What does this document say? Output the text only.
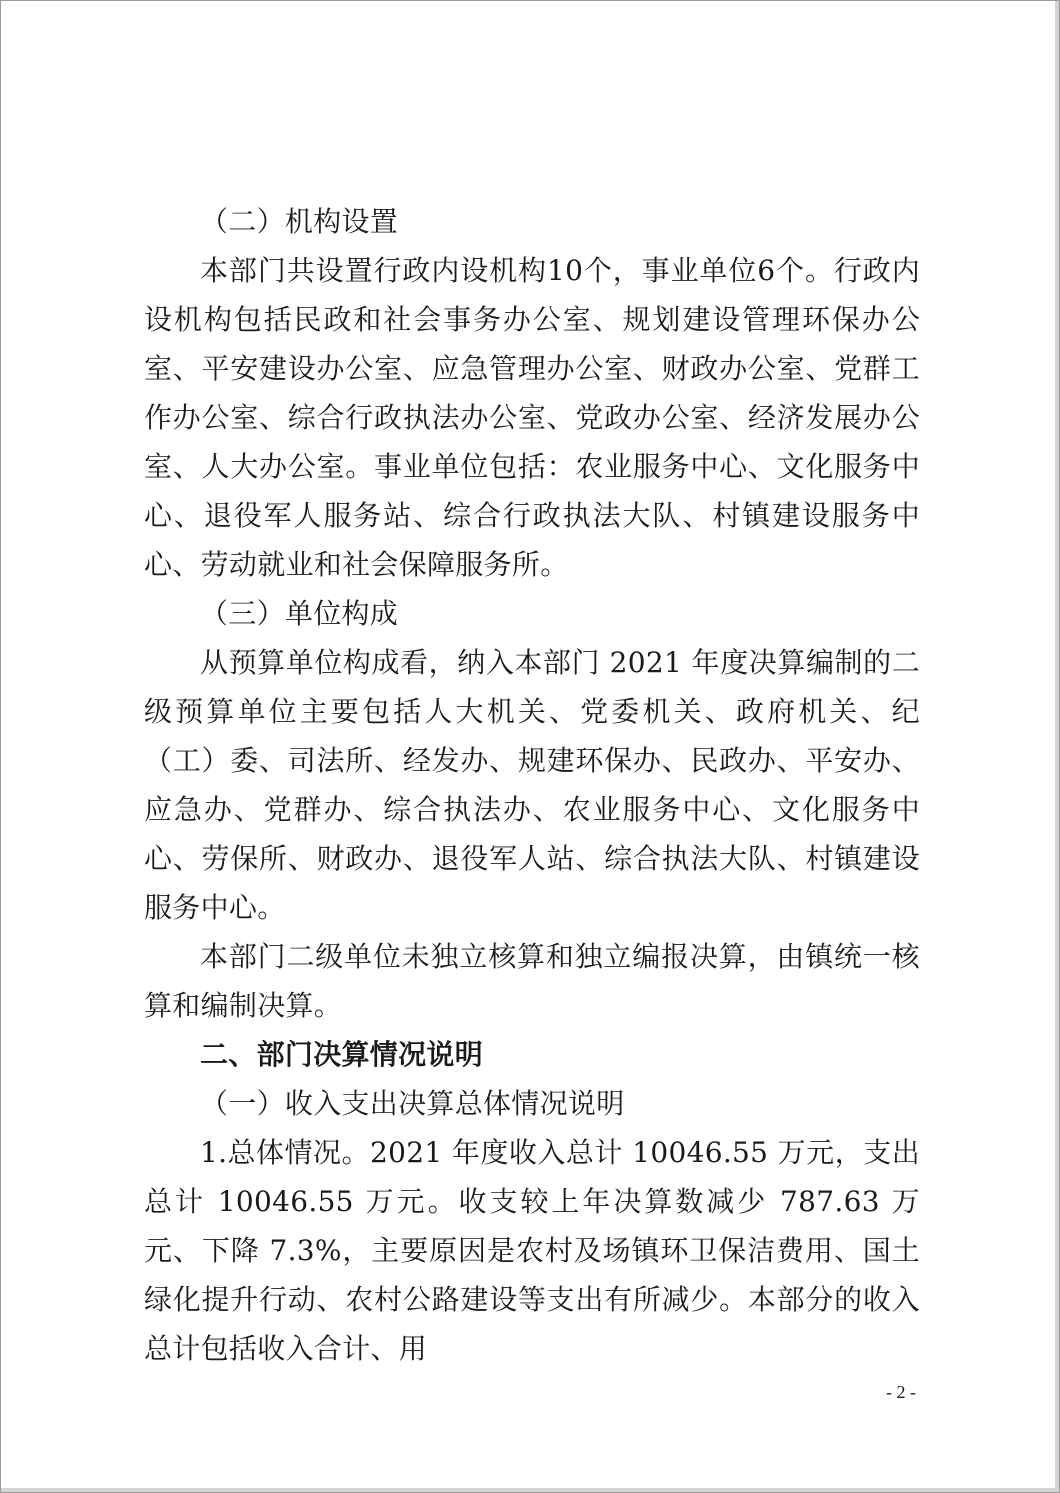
（二）机构设置

本部门共设置行政内设机构10个，事业单位6个。行政内设机构包括民政和社会事务办公室、规划建设管理环保办公室、平安建设办公室、应急管理办公室、财政办公室、党群工作办公室、综合行政执法办公室、党政办公室、经济发展办公室、人大办公室。事业单位包括：农业服务中心、文化服务中心、退役军人服务站、综合行政执法大队、村镇建设服务中心、劳动就业和社会保障服务所。

（三）单位构成

从预算单位构成看，纳入本部门 2021 年度决算编制的二级预算单位主要包括人大机关、党委机关、政府机关、纪（工）委、司法所、经发办、规建环保办、民政办、平安办、应急办、党群办、综合执法办、农业服务中心、文化服务中心、劳保所、财政办、退役军人站、综合执法大队、村镇建设服务中心。

本部门二级单位未独立核算和独立编报决算，由镇统一核算和编制决算。

二、部门决算情况说明
（一）收入支出决算总体情况说明

1.总体情况。2021 年度收入总计 10046.55 万元，支出总计 10046.55 万元。收支较上年决算数减少 787.63 万元、下降 7.3%，主要原因是农村及场镇环卫保洁费用、国土绿化提升行动、农村公路建设等支出有所减少。本部分的收入总计包括收入合计、用

- 2 -
